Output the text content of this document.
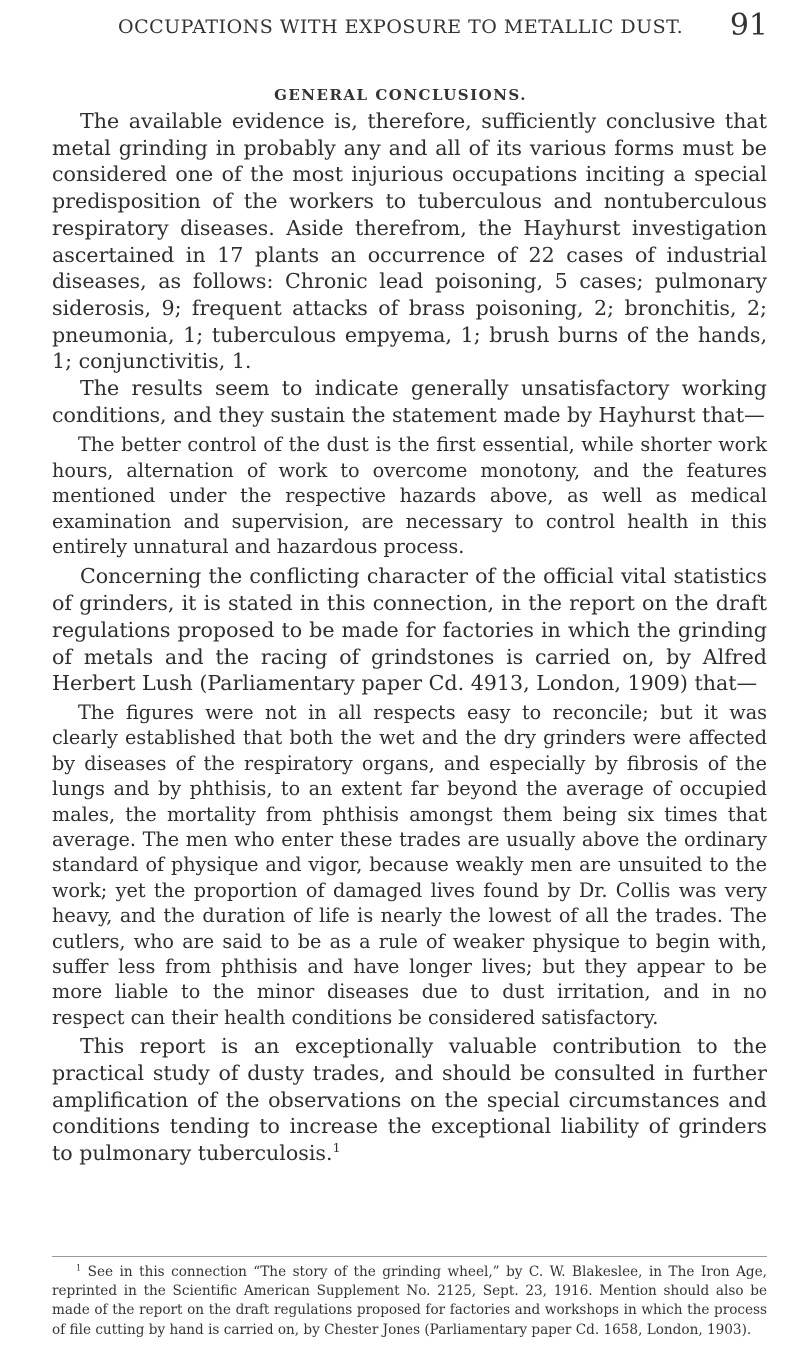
OCCUPATIONS WITH EXPOSURE TO METALLIC DUST. 91
GENERAL CONCLUSIONS.

The available evidence is, therefore, sufficiently conclusive that metal grinding in probably any and all of its various forms must be considered one of the most injurious occupations inciting a special predisposition of the workers to tuberculous and nontuberculous respiratory diseases. Aside therefrom, the Hayhurst investigation ascertained in 17 plants an occurrence of 22 cases of industrial diseases, as follows: Chronic lead poisoning, 5 cases; pulmonary siderosis, 9; frequent attacks of brass poisoning, 2; bronchitis, 2; pneumonia, 1; tuberculous empyema, 1; brush burns of the hands, 1; conjunctivitis, 1.

The results seem to indicate generally unsatisfactory working conditions, and they sustain the statement made by Hayhurst that—

The better control of the dust is the first essential, while shorter work hours, alternation of work to overcome monotony, and the features mentioned under the respective hazards above, as well as medical examination and supervision, are necessary to control health in this entirely unnatural and hazardous process.

Concerning the conflicting character of the official vital statistics of grinders, it is stated in this connection, in the report on the draft regulations proposed to be made for factories in which the grinding of metals and the racing of grindstones is carried on, by Alfred Herbert Lush (Parliamentary paper Cd. 4913, London, 1909) that—

The figures were not in all respects easy to reconcile; but it was clearly established that both the wet and the dry grinders were affected by diseases of the respiratory organs, and especially by fibrosis of the lungs and by phthisis, to an extent far beyond the average of occupied males, the mortality from phthisis amongst them being six times that average. The men who enter these trades are usually above the ordinary standard of physique and vigor, because weakly men are unsuited to the work; yet the proportion of damaged lives found by Dr. Collis was very heavy, and the duration of life is nearly the lowest of all the trades. The cutlers, who are said to be as a rule of weaker physique to begin with, suffer less from phthisis and have longer lives; but they appear to be more liable to the minor diseases due to dust irritation, and in no respect can their health conditions be considered satisfactory.

This report is an exceptionally valuable contribution to the practical study of dusty trades, and should be consulted in further amplification of the observations on the special circumstances and conditions tending to increase the exceptional liability of grinders to pulmonary tuberculosis.$^1$

$^1$ See in this connection “The story of the grinding wheel,” by C. W. Blakeslee, in The Iron Age, reprinted in the Scientific American Supplement No. 2125, Sept. 23, 1916. Mention should also be made of the report on the draft regulations proposed for factories and workshops in which the process of file cutting by hand is carried on, by Chester Jones (Parliamentary paper Cd. 1658, London, 1903).
